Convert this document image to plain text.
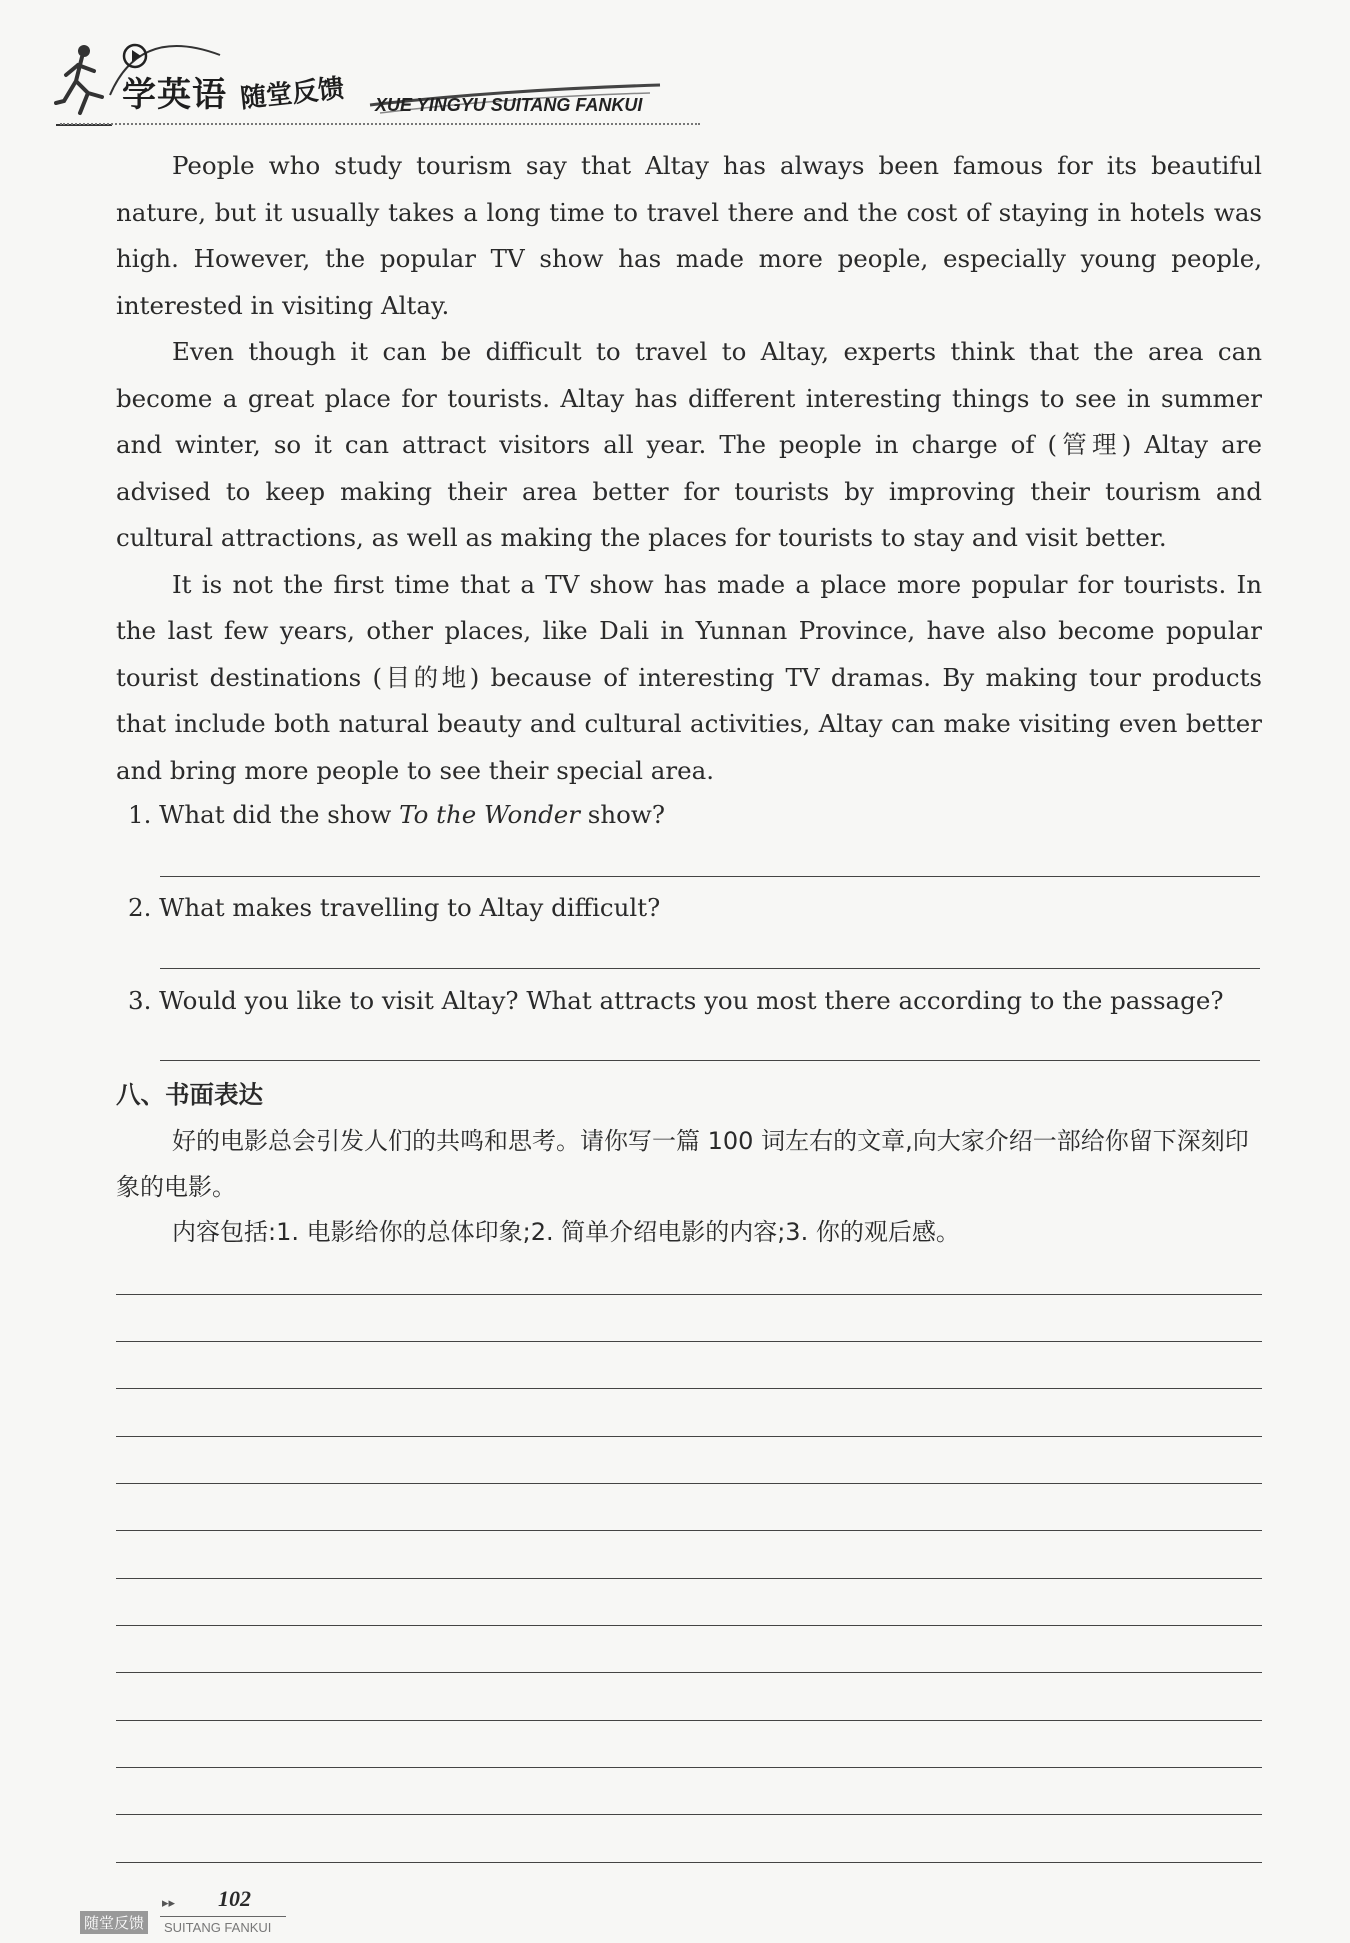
学英语 随堂反馈 XUE YINGYU SUITANG FANKUI

People who study tourism say that Altay has always been famous for its beautiful nature, but it usually takes a long time to travel there and the cost of staying in hotels was high. However, the popular TV show has made more people, especially young people, interested in visiting Altay.

Even though it can be difficult to travel to Altay, experts think that the area can become a great place for tourists. Altay has different interesting things to see in summer and winter, so it can attract visitors all year. The people in charge of (管理) Altay are advised to keep making their area better for tourists by improving their tourism and cultural attractions, as well as making the places for tourists to stay and visit better.

It is not the first time that a TV show has made a place more popular for tourists. In the last few years, other places, like Dali in Yunnan Province, have also become popular tourist destinations (目的地) because of interesting TV dramas. By making tour products that include both natural beauty and cultural activities, Altay can make visiting even better and bring more people to see their special area.

1. What did the show To the Wonder show?
2. What makes travelling to Altay difficult?
3. Would you like to visit Altay? What attracts you most there according to the passage?
八、书面表达
好的电影总会引发人们的共鸣和思考。请你写一篇 100 词左右的文章,向大家介绍一部给你留下深刻印象的电影。
内容包括:1. 电影给你的总体印象;2. 简单介绍电影的内容;3. 你的观后感。
▸▸ 102
随堂反馈	SUITANG FANKUI
